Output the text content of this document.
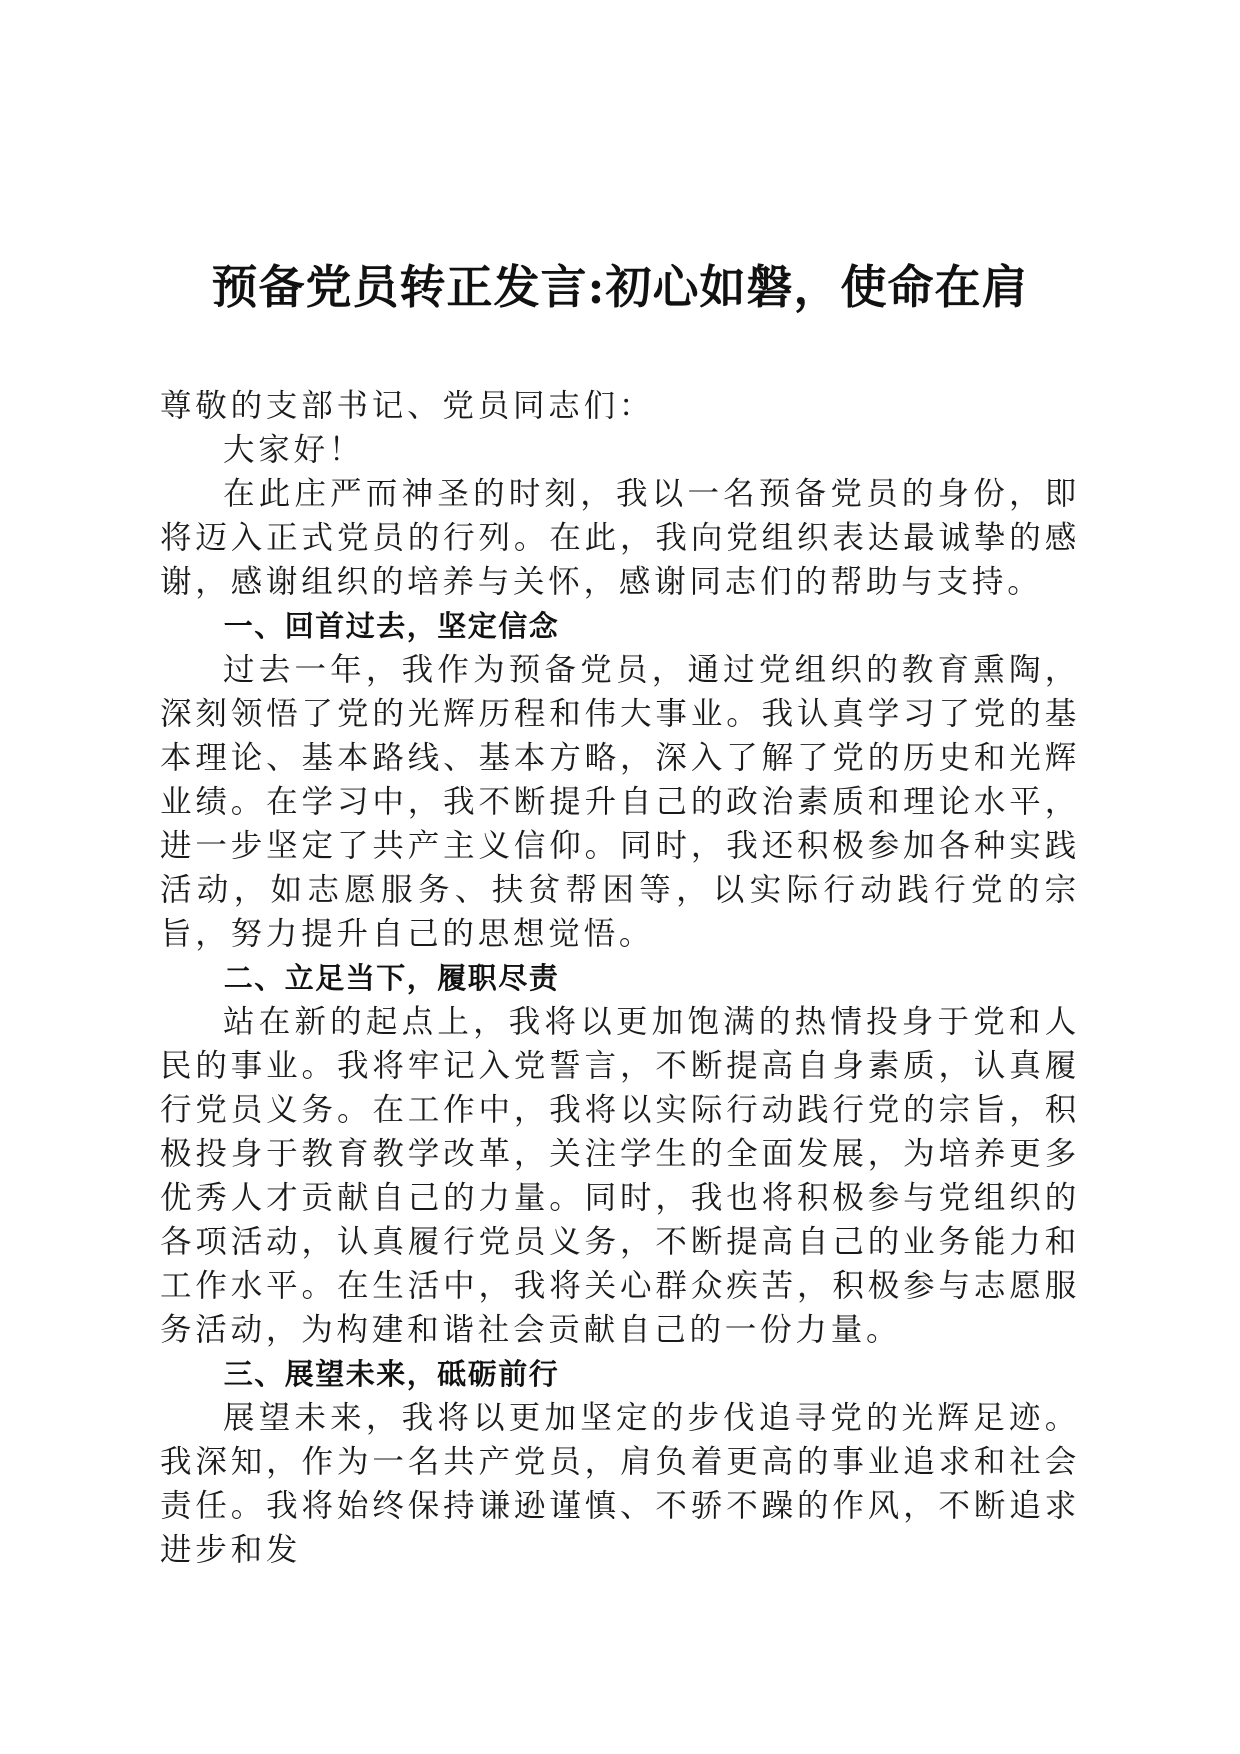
预备党员转正发言:初心如磐，使命在肩

尊敬的支部书记、党员同志们：

大家好！

在此庄严而神圣的时刻，我以一名预备党员的身份，即将迈入正式党员的行列。在此，我向党组织表达最诚挚的感谢，感谢组织的培养与关怀，感谢同志们的帮助与支持。

一、回首过去，坚定信念

过去一年，我作为预备党员，通过党组织的教育熏陶，深刻领悟了党的光辉历程和伟大事业。我认真学习了党的基本理论、基本路线、基本方略，深入了解了党的历史和光辉业绩。在学习中，我不断提升自己的政治素质和理论水平，进一步坚定了共产主义信仰。同时，我还积极参加各种实践活动，如志愿服务、扶贫帮困等，以实际行动践行党的宗旨，努力提升自己的思想觉悟。

二、立足当下，履职尽责

站在新的起点上，我将以更加饱满的热情投身于党和人民的事业。我将牢记入党誓言，不断提高自身素质，认真履行党员义务。在工作中，我将以实际行动践行党的宗旨，积极投身于教育教学改革，关注学生的全面发展，为培养更多优秀人才贡献自己的力量。同时，我也将积极参与党组织的各项活动，认真履行党员义务，不断提高自己的业务能力和工作水平。在生活中，我将关心群众疾苦，积极参与志愿服务活动，为构建和谐社会贡献自己的一份力量。

三、展望未来，砥砺前行

展望未来，我将以更加坚定的步伐追寻党的光辉足迹。我深知，作为一名共产党员，肩负着更高的事业追求和社会责任。我将始终保持谦逊谨慎、不骄不躁的作风，不断追求进步和发
